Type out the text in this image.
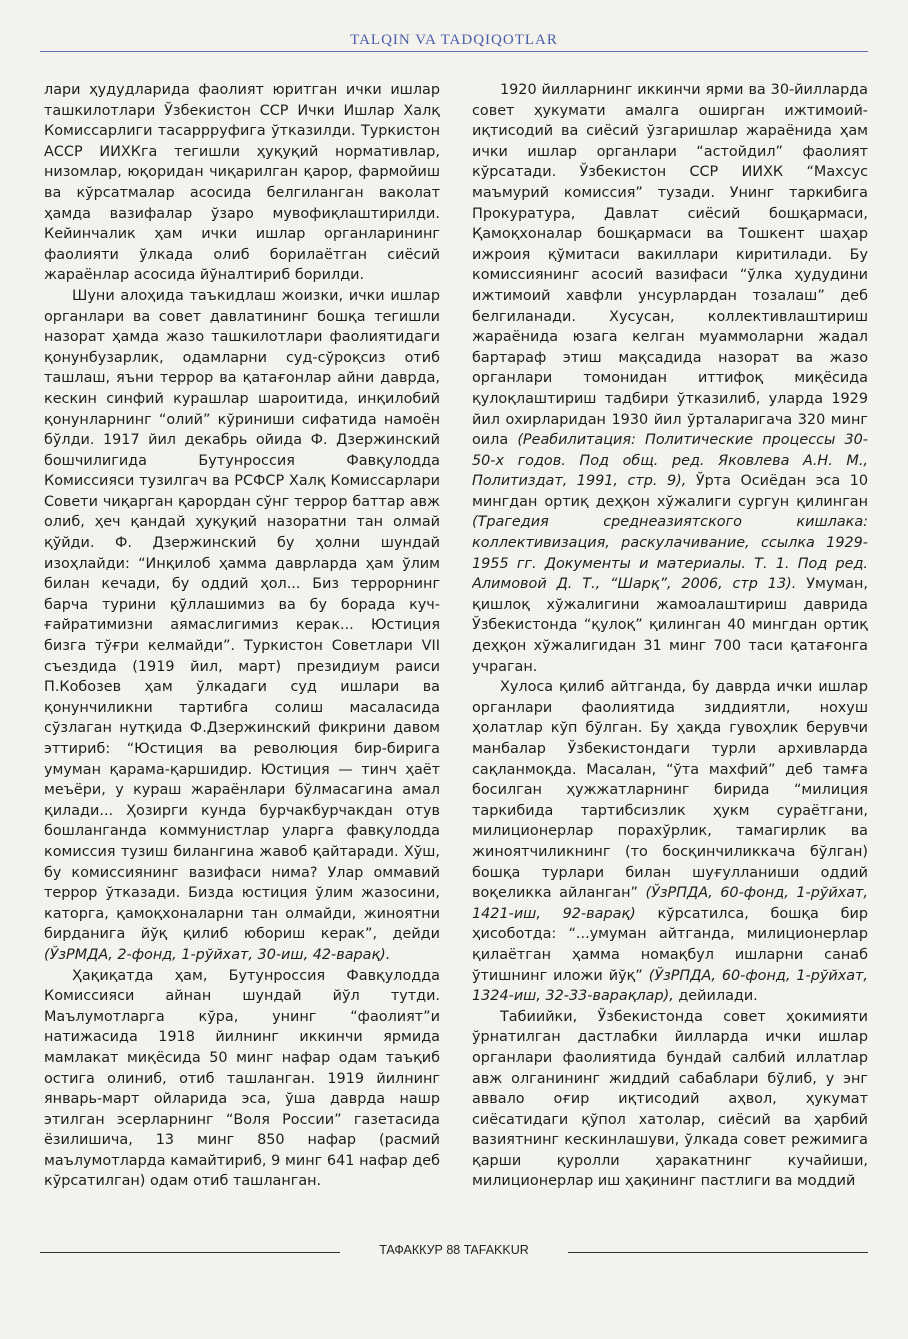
TALQIN VA TADQIQOTLAR

лари ҳудудларида фаолият юритган ички ишлар ташкилотлари Ўзбекистон ССР Ички Ишлар Халқ Комиссарлиги тасаррруфига ўтказилди. Туркистон АССР ИИХКга тегишли ҳуқуқий нормативлар, низомлар, юқоридан чиқарилган қарор, фармойиш ва кўрсатмалар асосида белгиланган ваколат ҳамда вазифалар ўзаро мувофиқлаштирилди. Кейинчалик ҳам ички ишлар органларининг фаолияти ўлкада олиб борилаётган сиёсий жараёнлар асосида йўналтириб борилди.

Шуни алоҳида таъкидлаш жоизки, ички ишлар органлари ва совет давлатининг бошқа тегишли назорат ҳамда жазо ташкилотлари фаолиятидаги қонунбузарлик, одамларни суд-сўроқсиз отиб ташлаш, яъни террор ва қатағонлар айни даврда, кескин синфий курашлар шароитида, инқилобий қонунларнинг “олий” кўриниши сифатида намоён бўлди. 1917 йил декабрь ойида Ф. Дзержинский бошчилигида Бутунроссия Фавқулодда Комиссияси тузилгач ва РСФСР Халқ Комиссарлари Совети чиқарган қарордан сўнг террор баттар авж олиб, ҳеч қандай ҳуқуқий назоратни тан олмай қўйди. Ф. Дзержинский бу ҳолни шундай изоҳлайди: “Инқилоб ҳамма даврларда ҳам ўлим билан кечади, бу оддий ҳол... Биз террорнинг барча турини қўллашимиз ва бу борада куч-ғайратимизни аямаслигимиз керак... Юстиция бизга тўғри келмайди”. Туркистон Советлари VII съездида (1919 йил, март) президиум раиси П.Кобозев ҳам ўлкадаги суд ишлари ва қонунчиликни тартибга солиш масаласида сўзлаган нутқида Ф.Дзержинский фикрини давом эттириб: “Юстиция ва революция бир-бирига умуман қарама-қаршидир. Юстиция — тинч ҳаёт меъёри, у кураш жараёнлари бўлмасагина амал қилади... Ҳозирги кунда бурчакбурчакдан отув бошланганда коммунистлар уларга фавқулодда комиссия тузиш билангина жавоб қайтаради. Хўш, бу комиссиянинг вазифаси нима? Улар оммавий террор ўтказади. Бизда юстиция ўлим жазосини, каторга, қамоқхоналарни тан олмайди, жиноятни бирданига йўқ қилиб юбориш керак”, дейди (ЎзРМДА, 2-фонд, 1-рўйхат, 30-иш, 42-варақ).

Ҳақиқатда ҳам, Бутунроссия Фавқулодда Комиссияси айнан шундай йўл тутди. Маълумотларга кўра, унинг “фаолият”и натижасида 1918 йилнинг иккинчи ярмида мамлакат миқёсида 50 минг нафар одам таъқиб остига олиниб, отиб ташланган. 1919 йилнинг январь-март ойларида эса, ўша даврда нашр этилган эсерларнинг “Воля России” газетасида ёзилишича, 13 минг 850 нафар (расмий маълумотларда камайтириб, 9 минг 641 нафар деб кўрсатилган) одам отиб ташланган.

1920 йилларнинг иккинчи ярми ва 30-йилларда совет ҳукумати амалга оширган ижтимоий-иқтисодий ва сиёсий ўзгаришлар жараёнида ҳам ички ишлар органлари “астойдил” фаолият кўрсатади. Ўзбекистон ССР ИИХК “Махсус маъмурий комиссия” тузади. Унинг таркибига Прокуратура, Давлат сиёсий бошқармаси, Қамоқхоналар бошқармаси ва Тошкент шаҳар ижроия қўмитаси вакиллари киритилади. Бу комиссиянинг асосий вазифаси “ўлка ҳудудини ижтимоий хавфли унсурлардан тозалаш” деб белгиланади. Хусусан, коллективлаштириш жараёнида юзага келган муаммоларни жадал бартараф этиш мақсадида назорат ва жазо органлари томонидан иттифоқ миқёсида қулоқлаштириш тадбири ўтказилиб, уларда 1929 йил охирларидан 1930 йил ўрталаригача 320 минг оила (Реабилитация: Политические процессы 30-50-х годов. Под общ. ред. Яковлева А.Н. М., Политиздат, 1991, стр. 9), Ўрта Осиёдан эса 10 мингдан ортиқ деҳқон хўжалиги сургун қилинган (Трагедия среднеазиятского кишлака: коллективизация, раскулачивание, ссылка 1929-1955 гг. Документы и материалы. Т. 1. Под ред. Алимовой Д. Т., “Шарқ”, 2006, стр 13). Умуман, қишлоқ хўжалигини жамоалаштириш даврида Ўзбекистонда “қулоқ” қилинган 40 мингдан ортиқ деҳқон хўжалигидан 31 минг 700 таси қатағонга учраган.

Хулоса қилиб айтганда, бу даврда ички ишлар органлари фаолиятида зиддиятли, нохуш ҳолатлар кўп бўлган. Бу ҳақда гувоҳлик берувчи манбалар Ўзбекистондаги турли архивларда сақланмоқда. Масалан, “ўта махфий” деб тамға босилган ҳужжатларнинг бирида “милиция таркибида тартибсизлик ҳукм сураётгани, милиционерлар порахўрлик, тамагирлик ва жиноятчиликнинг (то босқинчиликкача бўлган) бошқа турлари билан шуғулланиши оддий воқеликка айланган” (ЎзРПДА, 60-фонд, 1-рўйхат, 1421-иш, 92-варақ) кўрсатилса, бошқа бир ҳисоботда: “...умуман айтганда, милиционерлар қилаётган ҳамма номақбул ишларни санаб ўтишнинг иложи йўқ” (ЎзРПДА, 60-фонд, 1-рўйхат, 1324-иш, 32-33-варақлар), дейилади.

Табиийки, Ўзбекистонда совет ҳокимияти ўрнатилган дастлабки йилларда ички ишлар органлари фаолиятида бундай салбий иллатлар авж олганининг жиддий сабаблари бўлиб, у энг аввало оғир иқтисодий аҳвол, ҳукумат сиёсатидаги қўпол хатолар, сиёсий ва ҳарбий вазиятнинг кескинлашуви, ўлкада совет режимига қарши қуролли ҳаракатнинг кучайиши, милиционерлар иш ҳақининг пастлиги ва моддий

ТАФАККУР 88 TAFAKKUR
